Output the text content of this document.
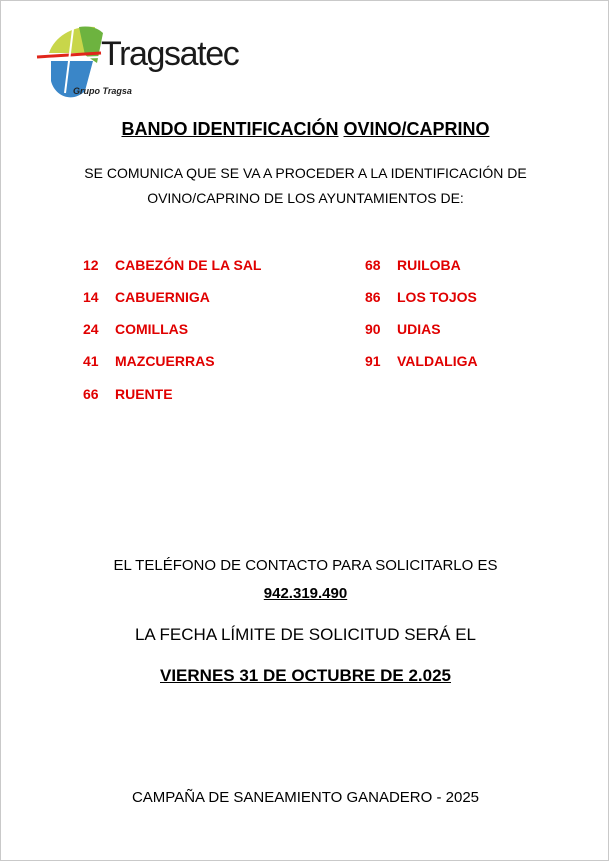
Tragsatec
Grupo Tragsa
BANDO IDENTIFICACIÓN OVINO/CAPRINO
SE COMUNICA QUE SE VA A PROCEDER A LA IDENTIFICACIÓN DE
OVINO/CAPRINO DE LOS AYUNTAMIENTOS DE:
12 CABEZÓN DE LA SAL
14 CABUERNIGA
24 COMILLAS
41 MAZCUERRAS
66 RUENTE
68 RUILOBA
86 LOS TOJOS
90 UDIAS
91 VALDALIGA
EL TELÉFONO DE CONTACTO PARA SOLICITARLO ES
942.319.490
LA FECHA LÍMITE DE SOLICITUD SERÁ EL
VIERNES 31 DE OCTUBRE DE 2.025
CAMPAÑA DE SANEAMIENTO GANADERO - 2025
